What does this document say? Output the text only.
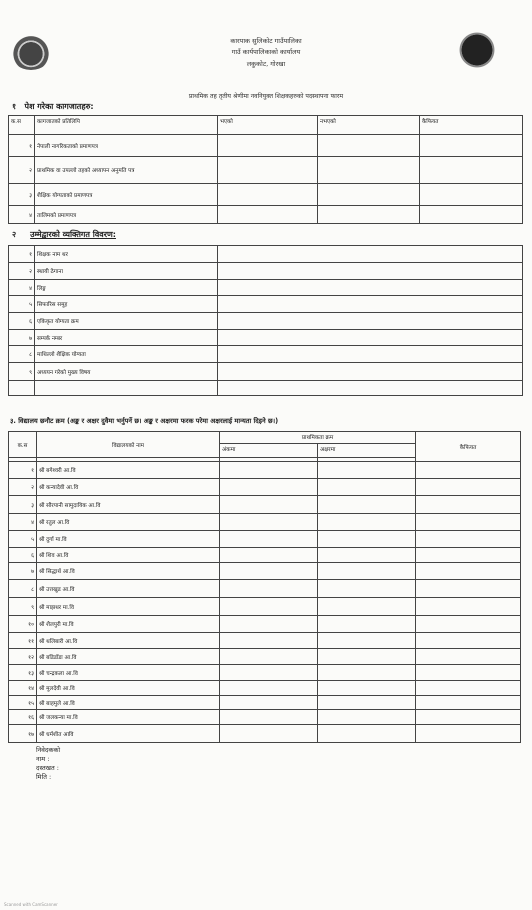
कारपाक सुलिकोट गाउँपालिका
गाउँ कार्यपालिकाको कार्यालय
लकुकोट, गोरखा
प्राथमिक तह तृतीय श्रेणीमा नवनियुक्त शिक्षकहरुको पदस्थापना फारम
१ पेश गरेका कागजातहरु:
क.स	कागजातको प्रतिलिपि	भएको	नभएको	कैफियत
१	नेपाली नागरिकताको प्रमाणपत्र			
२	प्राथमिक वा उपल्लो तहको अध्यापन अनुमति पत्र			
३	शैक्षिक योग्यताको प्रमाणपत्र			
४	तालिमको प्रमाणपत्र			
२ उम्मेद्वारको व्यक्तिगत विवरण:
१	शिक्षक नाम थर	
२	स्थायी ठेगाना	
४	लिङ्ग	
५	सिफारिस समूह	
६	एकिकृत योग्यता क्रम	
७	सम्पर्क नम्बर	
८	माथिल्लो शैक्षिक योग्यता	
९	अध्ययन गरेको मुख्य विषय	

३. विद्यालय छनौट क्रम (अङ्क र अक्षर दुवैमा भर्नुपर्ने छ। अङ्क र अक्षरमा फरक परेमा अक्षरलाई मान्यता दिइने छ।)
क.स	विद्यालयको नाम	प्राथमिकता क्रम		कैफियत
		अंकमा	अक्षरमा	

१	श्री बगेश्वरी आ.वि			
२	श्री कन्यादेवी आ.वि			
३	श्री सौरपानी सामुदायिक आ.वि			
४	श्री रतुल आ.वि			
५	श्री दुर्गा मा.वि			
६	श्री शिव आ.वि			
७	श्री सिद्धार्थ आ.वि			
८	श्री उत्तखुड आ.वि			
९	श्री माझथर मा.वि			
१०	श्री शैलपुरी मा.वि			
११	श्री थलिबारी आ.वि			
१२	श्री बडिडाँडा आ.वि			
१३	श्री चन्द्रकला आ.वि			
१४	श्री मुलदेवी आ.वि			
१५	श्री बाहमुले आ.वि			
१६	श्री जलकन्या मा.वि			
१७	श्री धर्मशीत आवि			
निवेदकको
नाम :
दस्तखत :
मिति :
Scanned with CamScanner
